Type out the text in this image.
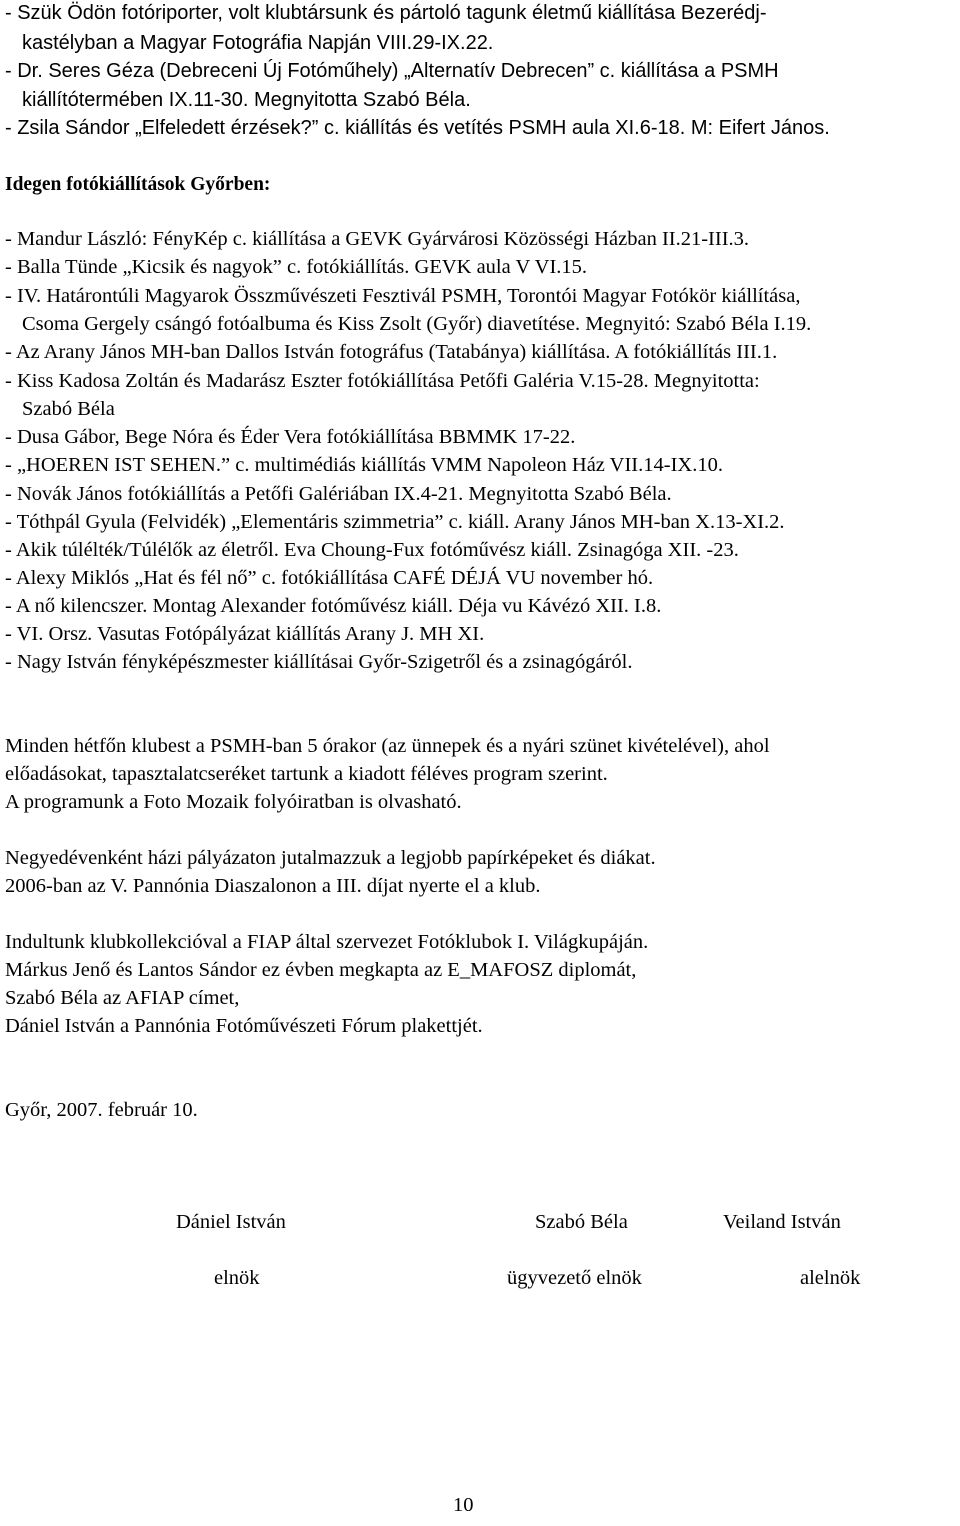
- Szük Ödön fotóriporter, volt klubtársunk és pártoló tagunk életmű kiállítása Bezerédj-
kastélyban a Magyar Fotográfia Napján VIII.29-IX.22.
- Dr. Seres Géza (Debreceni Új Fotóműhely) „Alternatív Debrecen” c. kiállítása a PSMH
kiállítótermében IX.11-30. Megnyitotta Szabó Béla.
- Zsila Sándor „Elfeledett érzések?” c. kiállítás és vetítés PSMH aula XI.6-18. M: Eifert János.
Idegen fotókiállítások Győrben:
- Mandur László: FényKép c. kiállítása a GEVK Gyárvárosi Közösségi Házban II.21-III.3.
- Balla Tünde „Kicsik és nagyok” c. fotókiállítás. GEVK aula V VI.15.
- IV. Határontúli Magyarok Összművészeti Fesztivál PSMH, Torontói Magyar Fotókör kiállítása,
Csoma Gergely csángó fotóalbuma és Kiss Zsolt (Győr) diavetítése. Megnyitó: Szabó Béla I.19.
- Az Arany János MH-ban Dallos István fotográfus (Tatabánya) kiállítása. A fotókiállítás III.1.
- Kiss Kadosa Zoltán és Madarász Eszter fotókiállítása Petőfi Galéria V.15-28. Megnyitotta:
Szabó Béla
- Dusa Gábor, Bege Nóra és Éder Vera fotókiállítása BBMMK 17-22.
- „HOEREN IST SEHEN.” c. multimédiás kiállítás VMM Napoleon Ház VII.14-IX.10.
- Novák János fotókiállítás a Petőfi Galériában IX.4-21. Megnyitotta Szabó Béla.
- Tóthpál Gyula (Felvidék) „Elementáris szimmetria” c. kiáll. Arany János MH-ban X.13-XI.2.
- Akik túlélték/Túlélők az életről. Eva Choung-Fux fotóművész kiáll. Zsinagóga XII. -23.
- Alexy Miklós „Hat és fél nő” c. fotókiállítása CAFÉ DÉJÁ VU november hó.
- A nő kilencszer. Montag Alexander fotóművész kiáll. Déja vu Kávézó XII. I.8.
- VI. Orsz. Vasutas Fotópályázat kiállítás Arany J. MH XI.
- Nagy István fényképészmester kiállításai Győr-Szigetről és a zsinagógáról.
Minden hétfőn klubest a PSMH-ban 5 órakor (az ünnepek és a nyári szünet kivételével), ahol
előadásokat, tapasztalatcseréket tartunk a kiadott féléves program szerint.
A programunk a Foto Mozaik folyóiratban is olvasható.
Negyedévenként házi pályázaton jutalmazzuk a legjobb papírképeket és diákat.
2006-ban az V. Pannónia Diaszalonon a III. díjat nyerte el a klub.
Indultunk klubkollekcióval a FIAP által szervezet Fotóklubok I. Világkupáján.
Márkus Jenő és Lantos Sándor ez évben megkapta az E_MAFOSZ diplomát,
Szabó Béla az AFIAP címet,
Dániel István a Pannónia Fotóművészeti Fórum plakettjét.
Győr, 2007. február 10.
Dániel István	Szabó Béla	Veiland István
elnök	ügyvezető elnök	alelnök
10
